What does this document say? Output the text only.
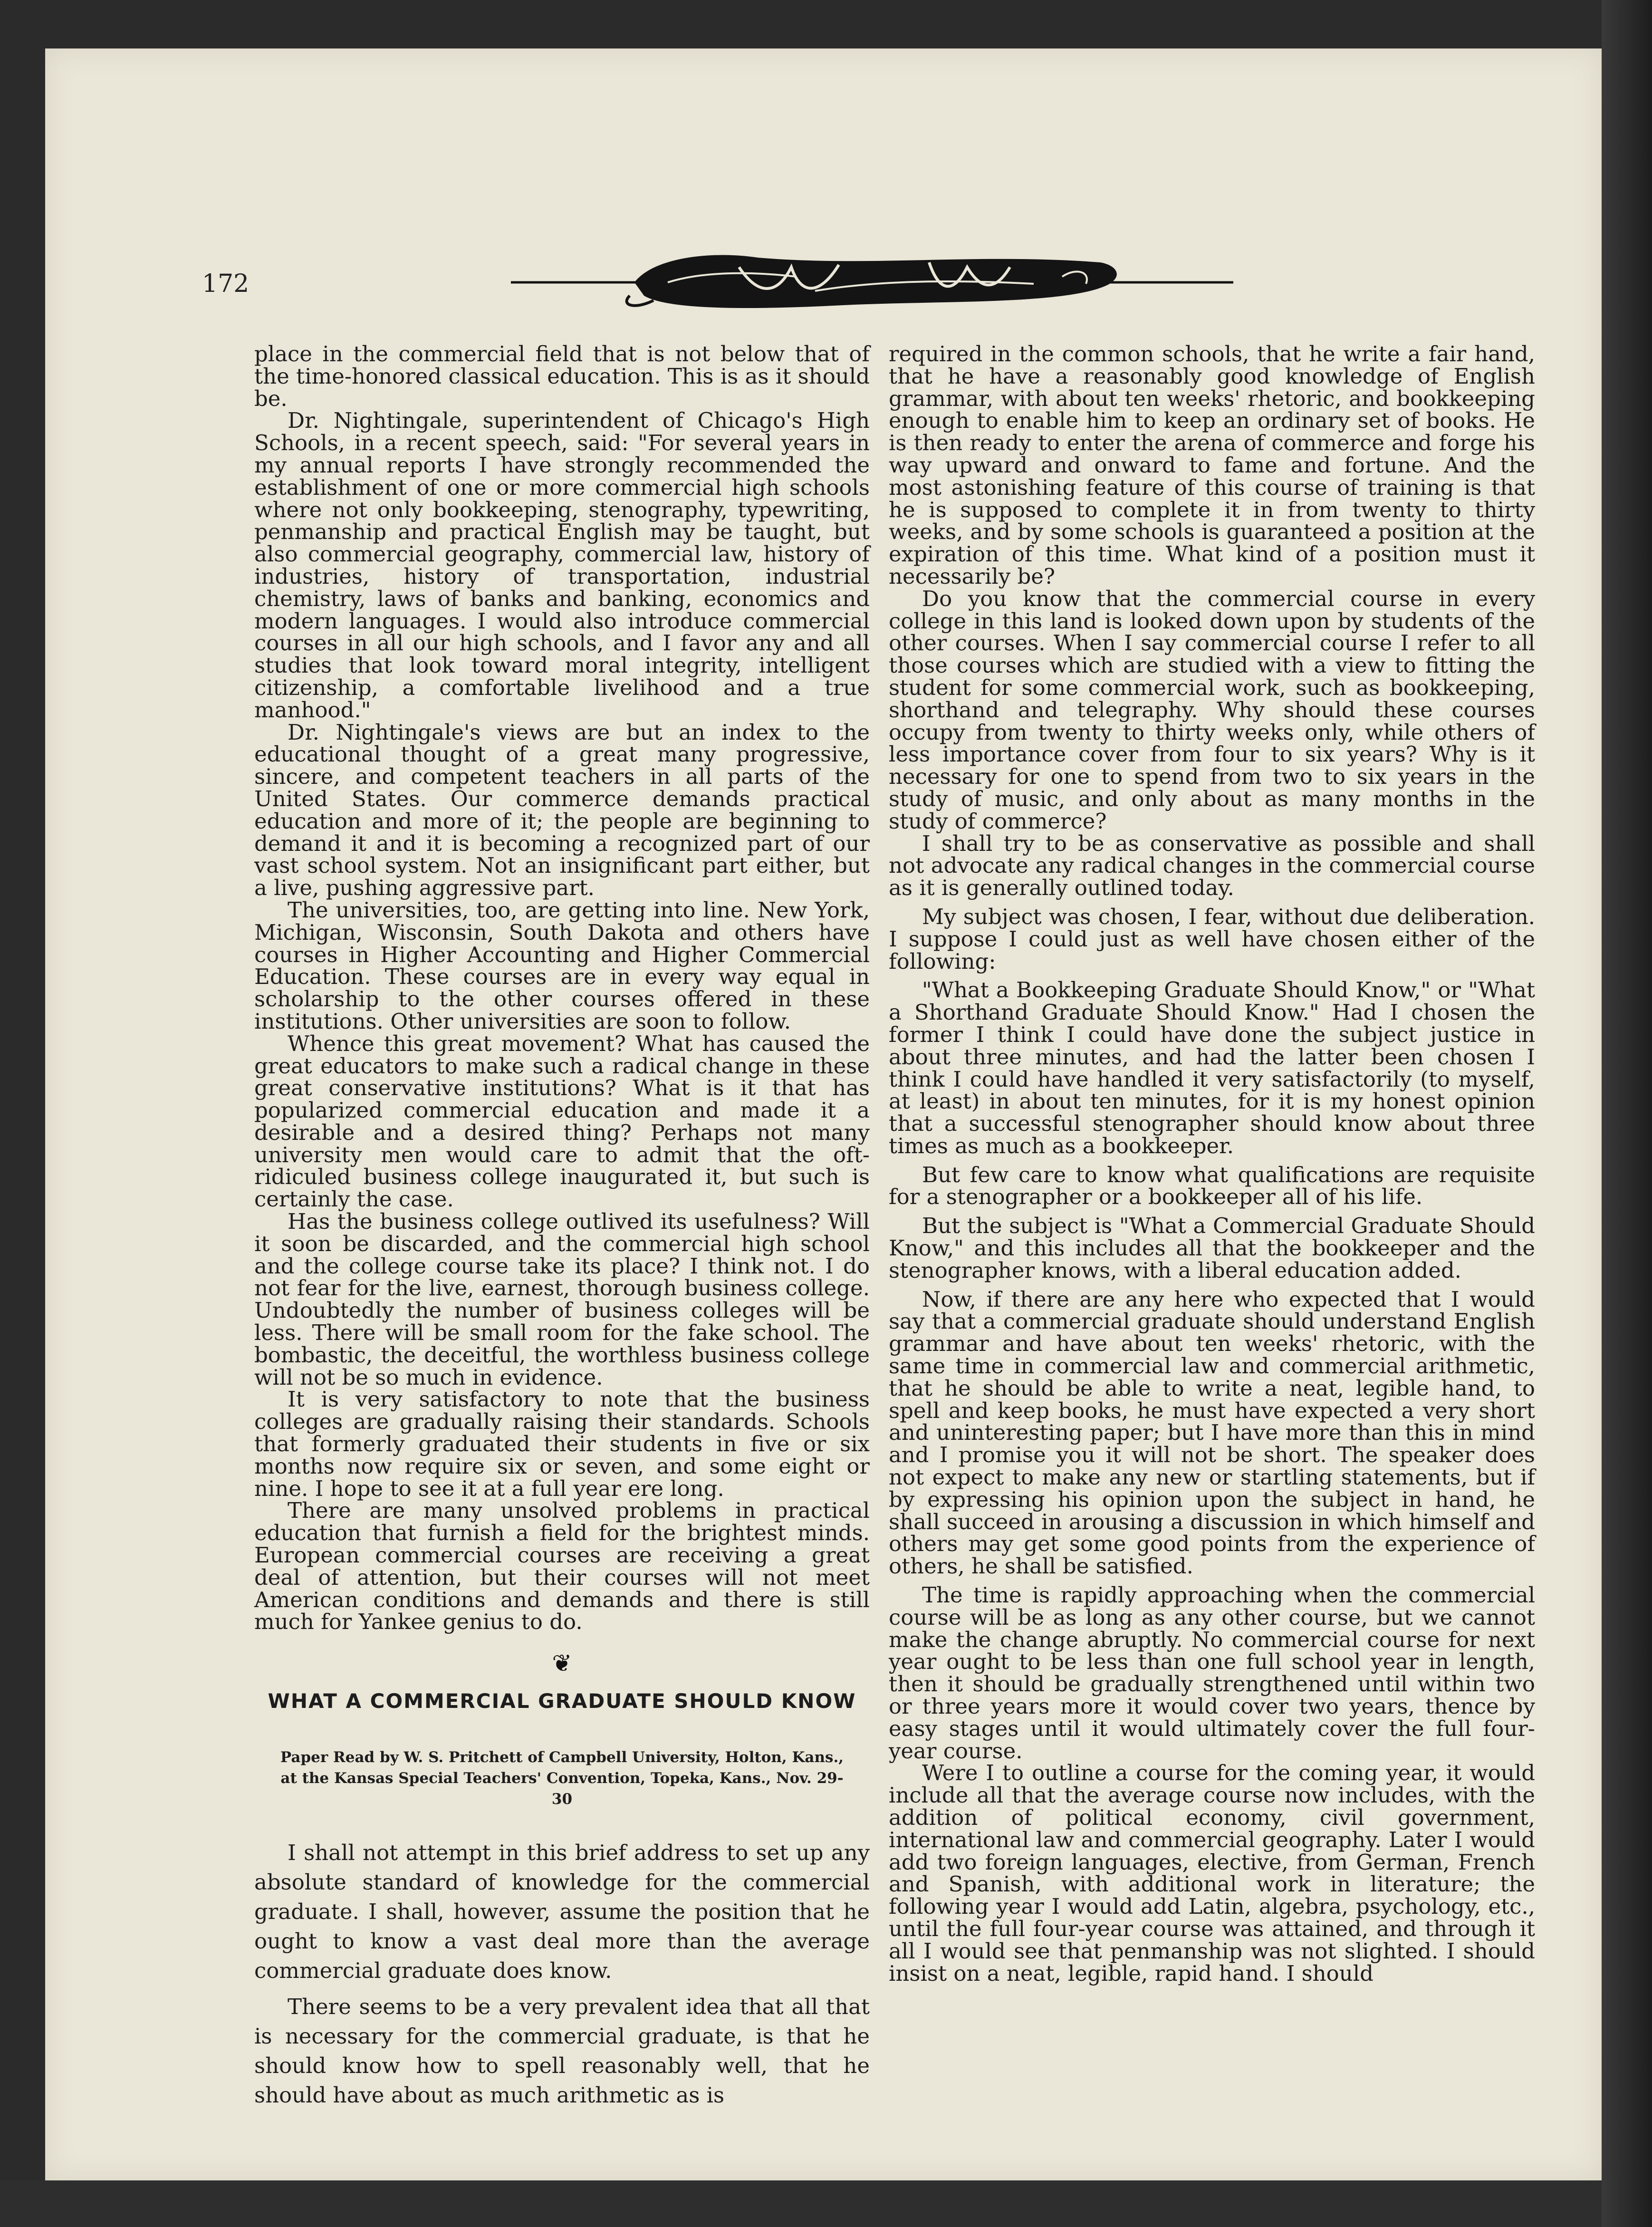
172

place in the commercial field that is not below that of the time-honored classical education. This is as it should be.

Dr. Nightingale, superintendent of Chicago's High Schools, in a recent speech, said: "For several years in my annual reports I have strongly recommended the establishment of one or more commercial high schools where not only bookkeeping, stenography, typewriting, penmanship and practical English may be taught, but also commercial geography, commercial law, history of industries, history of transportation, industrial chemistry, laws of banks and banking, economics and modern languages. I would also introduce commercial courses in all our high schools, and I favor any and all studies that look toward moral integrity, intelligent citizenship, a comfortable livelihood and a true manhood."

Dr. Nightingale's views are but an index to the educational thought of a great many progressive, sincere, and competent teachers in all parts of the United States. Our commerce demands practical education and more of it; the people are beginning to demand it and it is becoming a recognized part of our vast school system. Not an insignificant part either, but a live, pushing aggressive part.

The universities, too, are getting into line. New York, Michigan, Wisconsin, South Dakota and others have courses in Higher Accounting and Higher Commercial Education. These courses are in every way equal in scholarship to the other courses offered in these institutions. Other universities are soon to follow.

Whence this great movement? What has caused the great educators to make such a radical change in these great conservative institutions? What is it that has popularized commercial education and made it a desirable and a desired thing? Perhaps not many university men would care to admit that the oft-ridiculed business college inaugurated it, but such is certainly the case.

Has the business college outlived its usefulness? Will it soon be discarded, and the commercial high school and the college course take its place? I think not. I do not fear for the live, earnest, thorough business college. Undoubtedly the number of business colleges will be less. There will be small room for the fake school. The bombastic, the deceitful, the worthless business college will not be so much in evidence.

It is very satisfactory to note that the business colleges are gradually raising their standards. Schools that formerly graduated their students in five or six months now require six or seven, and some eight or nine. I hope to see it at a full year ere long.

There are many unsolved problems in practical education that furnish a field for the brightest minds. European commercial courses are receiving a great deal of attention, but their courses will not meet American conditions and demands and there is still much for Yankee genius to do.

❦
WHAT A COMMERCIAL GRADUATE SHOULD KNOW
Paper Read by W. S. Pritchett of Campbell University, Holton, Kans., at the Kansas Special Teachers' Convention, Topeka, Kans., Nov. 29-30

I shall not attempt in this brief address to set up any absolute standard of knowledge for the commercial graduate. I shall, however, assume the position that he ought to know a vast deal more than the average commercial graduate does know.

There seems to be a very prevalent idea that all that is necessary for the commercial graduate, is that he should know how to spell reasonably well, that he should have about as much arithmetic as is

required in the common schools, that he write a fair hand, that he have a reasonably good knowledge of English grammar, with about ten weeks' rhetoric, and bookkeeping enough to enable him to keep an ordinary set of books. He is then ready to enter the arena of commerce and forge his way upward and onward to fame and fortune. And the most astonishing feature of this course of training is that he is supposed to complete it in from twenty to thirty weeks, and by some schools is guaranteed a position at the expiration of this time. What kind of a position must it necessarily be?

Do you know that the commercial course in every college in this land is looked down upon by students of the other courses. When I say commercial course I refer to all those courses which are studied with a view to fitting the student for some commercial work, such as bookkeeping, shorthand and telegraphy. Why should these courses occupy from twenty to thirty weeks only, while others of less importance cover from four to six years? Why is it necessary for one to spend from two to six years in the study of music, and only about as many months in the study of commerce?

I shall try to be as conservative as possible and shall not advocate any radical changes in the commercial course as it is generally outlined today.

My subject was chosen, I fear, without due deliberation. I suppose I could just as well have chosen either of the following:

"What a Bookkeeping Graduate Should Know," or "What a Shorthand Graduate Should Know." Had I chosen the former I think I could have done the subject justice in about three minutes, and had the latter been chosen I think I could have handled it very satisfactorily (to myself, at least) in about ten minutes, for it is my honest opinion that a successful stenographer should know about three times as much as a bookkeeper.

But few care to know what qualifications are requisite for a stenographer or a bookkeeper all of his life.

But the subject is "What a Commercial Graduate Should Know," and this includes all that the bookkeeper and the stenographer knows, with a liberal education added.

Now, if there are any here who expected that I would say that a commercial graduate should understand English grammar and have about ten weeks' rhetoric, with the same time in commercial law and commercial arithmetic, that he should be able to write a neat, legible hand, to spell and keep books, he must have expected a very short and uninteresting paper; but I have more than this in mind and I promise you it will not be short. The speaker does not expect to make any new or startling statements, but if by expressing his opinion upon the subject in hand, he shall succeed in arousing a discussion in which himself and others may get some good points from the experience of others, he shall be satisfied.

The time is rapidly approaching when the commercial course will be as long as any other course, but we cannot make the change abruptly. No commercial course for next year ought to be less than one full school year in length, then it should be gradually strengthened until within two or three years more it would cover two years, thence by easy stages until it would ultimately cover the full four-year course.

Were I to outline a course for the coming year, it would include all that the average course now includes, with the addition of political economy, civil government, international law and commercial geography. Later I would add two foreign languages, elective, from German, French and Spanish, with additional work in literature; the following year I would add Latin, algebra, psychology, etc., until the full four-year course was attained, and through it all I would see that penmanship was not slighted. I should insist on a neat, legible, rapid hand. I should
